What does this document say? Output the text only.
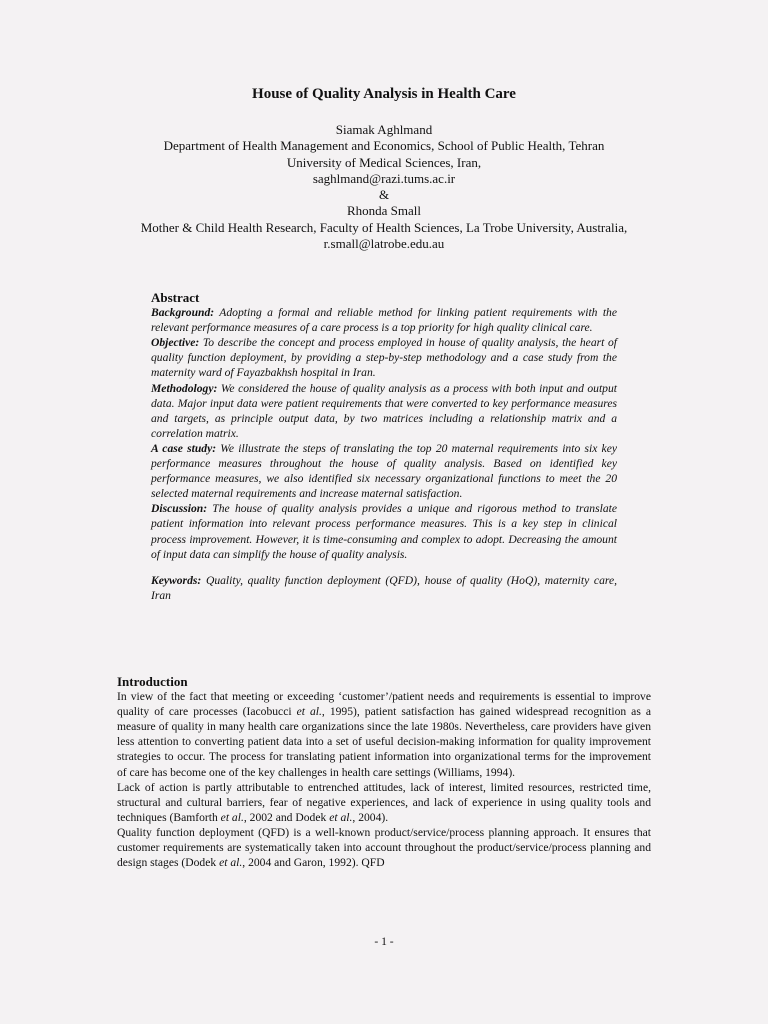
House of Quality Analysis in Health Care
Siamak Aghlmand
Department of Health Management and Economics, School of Public Health, Tehran
University of Medical Sciences, Iran,
saghlmand@razi.tums.ac.ir
&
Rhonda Small
Mother & Child Health Research, Faculty of Health Sciences, La Trobe University, Australia,
r.small@latrobe.edu.au
Abstract

Background: Adopting a formal and reliable method for linking patient requirements with the relevant performance measures of a care process is a top priority for high quality clinical care.

Objective: To describe the concept and process employed in house of quality analysis, the heart of quality function deployment, by providing a step-by-step methodology and a case study from the maternity ward of Fayazbakhsh hospital in Iran.

Methodology: We considered the house of quality analysis as a process with both input and output data. Major input data were patient requirements that were converted to key performance measures and targets, as principle output data, by two matrices including a relationship matrix and a correlation matrix.

A case study: We illustrate the steps of translating the top 20 maternal requirements into six key performance measures throughout the house of quality analysis. Based on identified key performance measures, we also identified six necessary organizational functions to meet the 20 selected maternal requirements and increase maternal satisfaction.

Discussion: The house of quality analysis provides a unique and rigorous method to translate patient information into relevant process performance measures. This is a key step in clinical process improvement. However, it is time-consuming and complex to adopt. Decreasing the amount of input data can simplify the house of quality analysis.

Keywords: Quality, quality function deployment (QFD), house of quality (HoQ), maternity care, Iran

Introduction

In view of the fact that meeting or exceeding ‘customer’/patient needs and requirements is essential to improve quality of care processes (Iacobucci et al., 1995), patient satisfaction has gained widespread recognition as a measure of quality in many health care organizations since the late 1980s. Nevertheless, care providers have given less attention to converting patient data into a set of useful decision-making information for quality improvement strategies to occur. The process for translating patient information into organizational terms for the improvement of care has become one of the key challenges in health care settings (Williams, 1994).

Lack of action is partly attributable to entrenched attitudes, lack of interest, limited resources, restricted time, structural and cultural barriers, fear of negative experiences, and lack of experience in using quality tools and techniques (Bamforth et al., 2002 and Dodek et al., 2004).

Quality function deployment (QFD) is a well-known product/service/process planning approach. It ensures that customer requirements are systematically taken into account throughout the product/service/process planning and design stages (Dodek et al., 2004 and Garon, 1992). QFD

- 1 -
